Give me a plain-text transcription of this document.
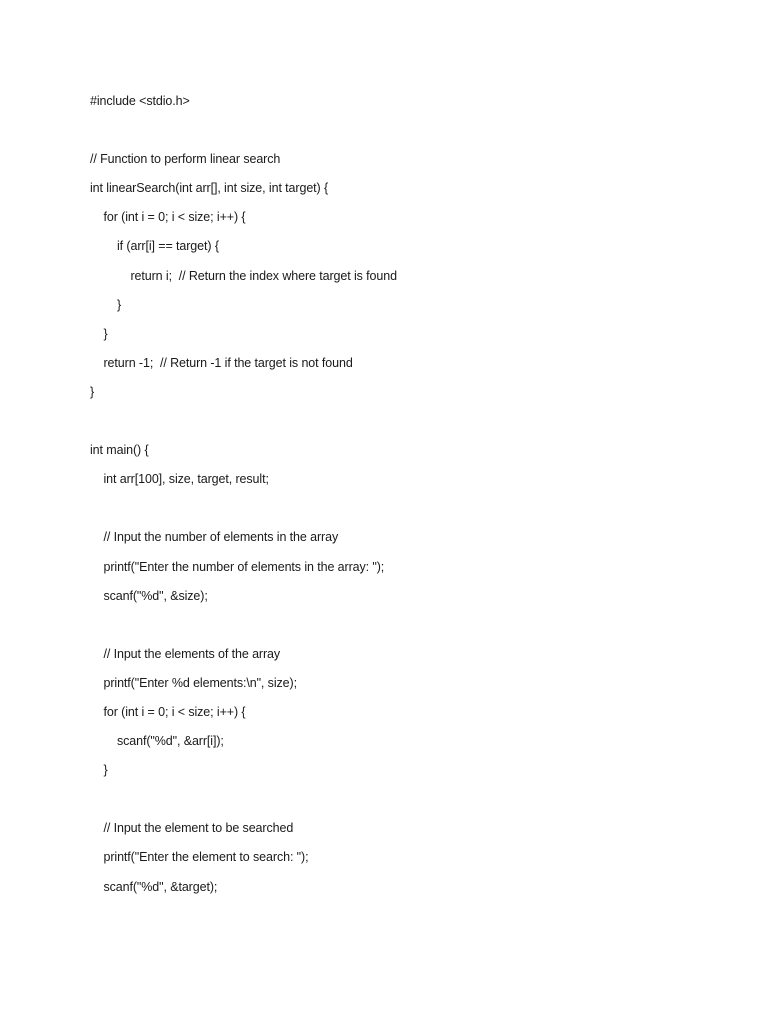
#include <stdio.h>
// Function to perform linear search
int linearSearch(int arr[], int size, int target) {
for (int i = 0; i < size; i++) {
if (arr[i] == target) {
return i;  // Return the index where target is found
}
}
return -1;  // Return -1 if the target is not found
}
int main() {
int arr[100], size, target, result;
// Input the number of elements in the array
printf("Enter the number of elements in the array: ");
scanf("%d", &size);
// Input the elements of the array
printf("Enter %d elements:\n", size);
for (int i = 0; i < size; i++) {
scanf("%d", &arr[i]);
}
// Input the element to be searched
printf("Enter the element to search: ");
scanf("%d", &target);
